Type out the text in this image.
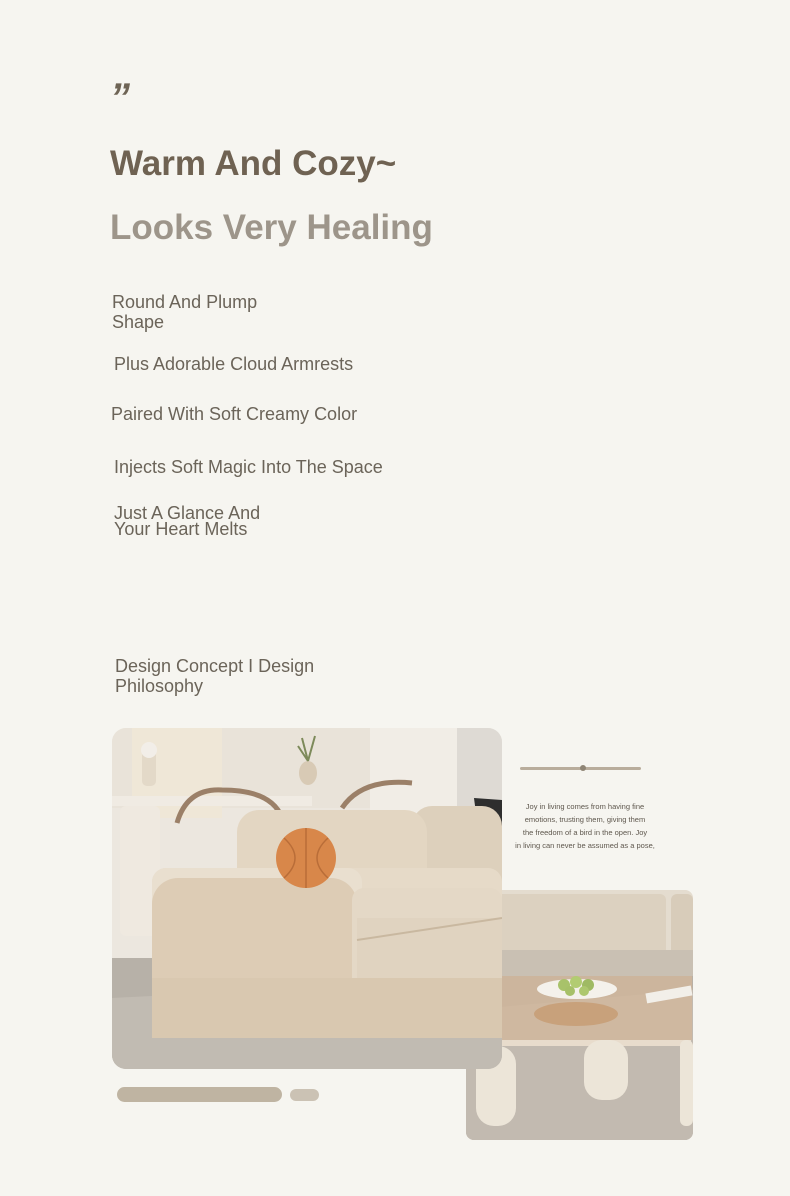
”
Warm And Cozy~
Looks Very Healing
Round And Plump
Shape
Plus Adorable Cloud Armrests
Paired With Soft Creamy Color
Injects Soft Magic Into The Space
Just A Glance And
Your Heart Melts
Design Concept I Design
Philosophy
Joy in living comes from having fine
emotions, trusting them, giving them
the freedom of a bird in the open. Joy
in living can never be assumed as a pose,
